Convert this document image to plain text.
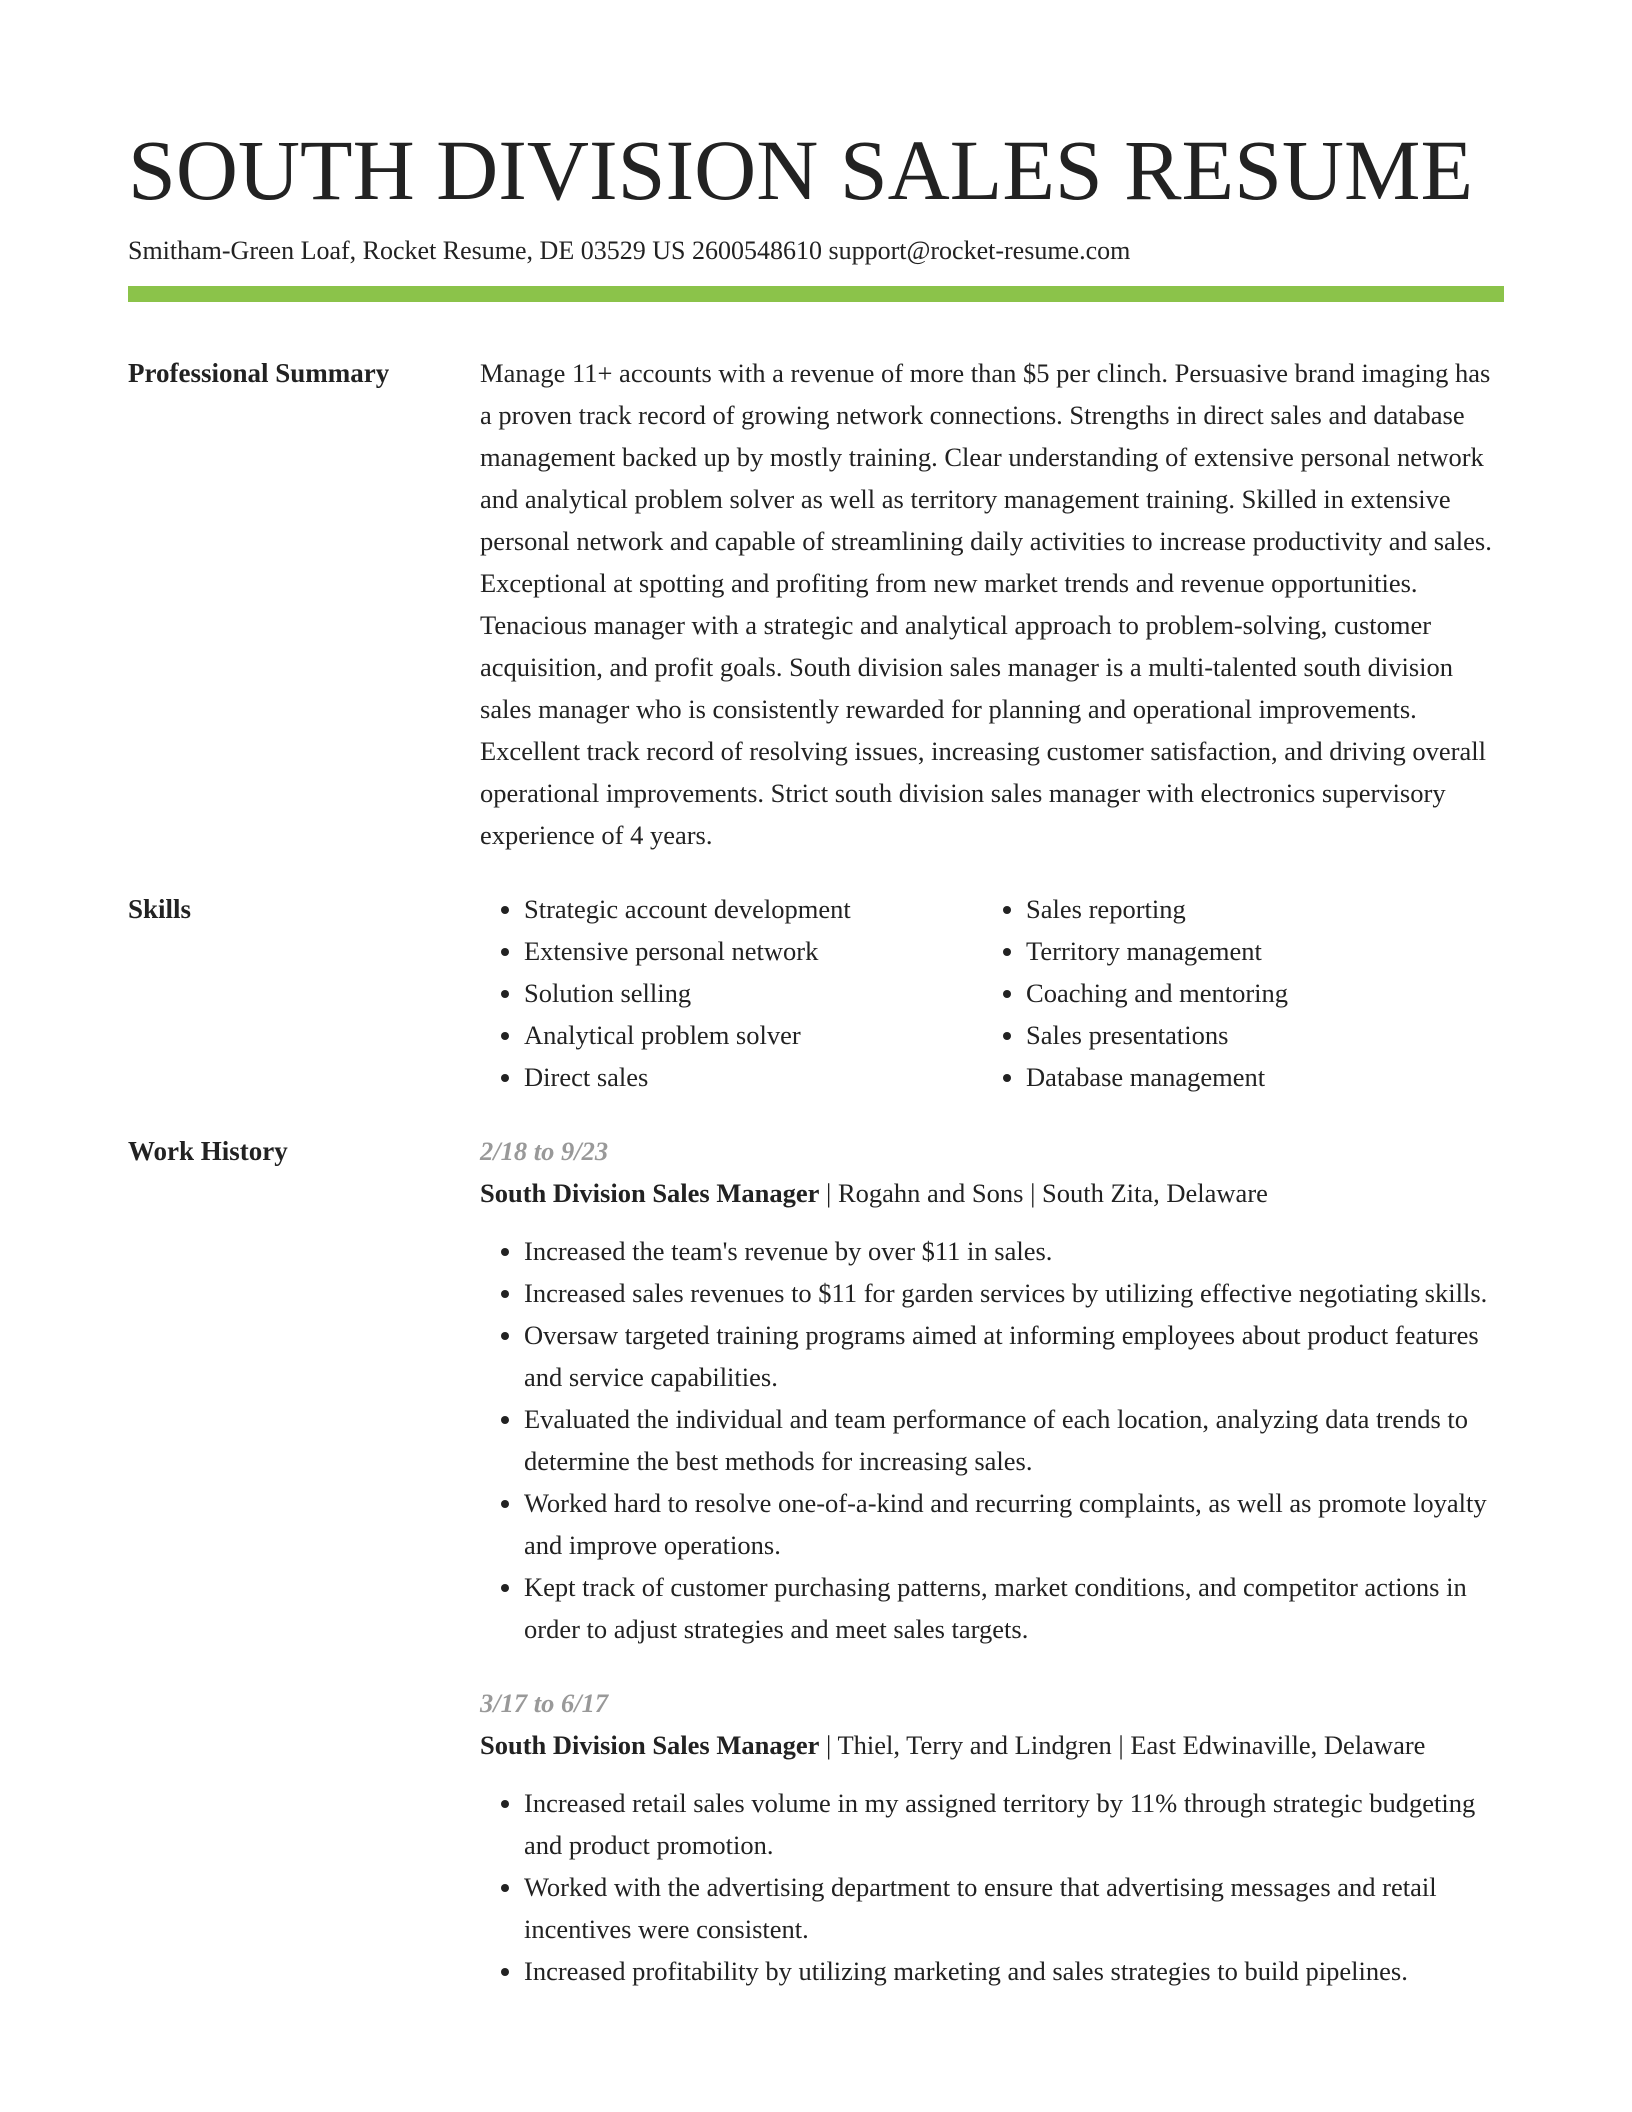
SOUTH DIVISION SALES RESUME
Smitham-Green Loaf, Rocket Resume, DE 03529 US 2600548610 support@rocket-resume.com
Professional Summary	Manage 11+ accounts with a revenue of more than $5 per clinch. Persuasive brand imaging has a proven track record of growing network connections. Strengths in direct sales and database management backed up by mostly training. Clear understanding of extensive personal network and analytical problem solver as well as territory management training. Skilled in extensive personal network and capable of streamlining daily activities to increase productivity and sales. Exceptional at spotting and profiting from new market trends and revenue opportunities. Tenacious manager with a strategic and analytical approach to problem-solving, customer acquisition, and profit goals. South division sales manager is a multi-talented south division sales manager who is consistently rewarded for planning and operational improvements. Excellent track record of resolving issues, increasing customer satisfaction, and driving overall operational improvements. Strict south division sales manager with electronics supervisory experience of 4 years.

Skills
•	Strategic account development
• Extensive personal network
• Solution selling
• Analytical problem solver
• Direct sales
• Sales reporting
• Territory management
• Coaching and mentoring
• Sales presentations
• Database management
Work History	2/18 to 9/23
South Division Sales Manager | Rogahn and Sons | South Zita, Delaware
• Increased the team's revenue by over $11 in sales.
• Increased sales revenues to $11 for garden services by utilizing effective negotiating skills.
• Oversaw targeted training programs aimed at informing employees about product features and service capabilities.
• Evaluated the individual and team performance of each location, analyzing data trends to determine the best methods for increasing sales.
• Worked hard to resolve one-of-a-kind and recurring complaints, as well as promote loyalty and improve operations.
• Kept track of customer purchasing patterns, market conditions, and competitor actions in order to adjust strategies and meet sales targets.
3/17 to 6/17
South Division Sales Manager | Thiel, Terry and Lindgren | East Edwinaville, Delaware
• Increased retail sales volume in my assigned territory by 11% through strategic budgeting and product promotion.
• Worked with the advertising department to ensure that advertising messages and retail incentives were consistent.
• Increased profitability by utilizing marketing and sales strategies to build pipelines.
